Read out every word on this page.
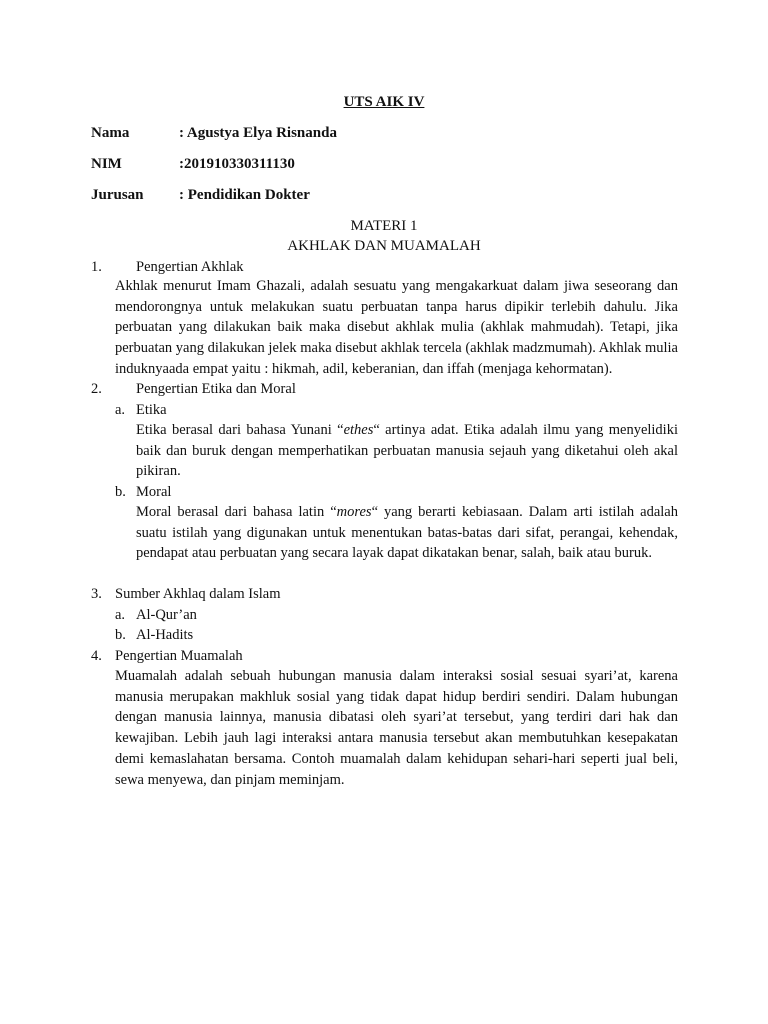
UTS AIK IV
Nama	: Agustya Elya Risnanda
NIM	:201910330311130
Jurusan : Pendidikan Dokter
MATERI 1
AKHLAK DAN MUAMALAH
1. Pengertian Akhlak

Akhlak menurut Imam Ghazali, adalah sesuatu yang mengakarkuat dalam jiwa seseorang dan mendorongnya untuk melakukan suatu perbuatan tanpa harus dipikir terlebih dahulu. Jika perbuatan yang dilakukan baik maka disebut akhlak mulia (akhlak mahmudah). Tetapi, jika perbuatan yang dilakukan jelek maka disebut akhlak tercela (akhlak madzmumah). Akhlak mulia induknyaada empat yaitu : hikmah, adil, keberanian, dan iffah (menjaga kehormatan).

2. Pengertian Etika dan Moral
a. Etika

Etika berasal dari bahasa Yunani “ethes“ artinya adat. Etika adalah ilmu yang menyelidiki baik dan buruk dengan memperhatikan perbuatan manusia sejauh yang diketahui oleh akal pikiran.

b. Moral

Moral berasal dari bahasa latin “mores“ yang berarti kebiasaan. Dalam arti istilah adalah suatu istilah yang digunakan untuk menentukan batas-batas dari sifat, perangai, kehendak, pendapat atau perbuatan yang secara layak dapat dikatakan benar, salah, baik atau buruk.

3. Sumber Akhlaq dalam Islam
a. Al-Qur’an
b. Al-Hadits
4. Pengertian Muamalah

Muamalah adalah sebuah hubungan manusia dalam interaksi sosial sesuai syari’at, karena manusia merupakan makhluk sosial yang tidak dapat hidup berdiri sendiri. Dalam hubungan dengan manusia lainnya, manusia dibatasi oleh syari’at tersebut, yang terdiri dari hak dan kewajiban. Lebih jauh lagi interaksi antara manusia tersebut akan membutuhkan kesepakatan demi kemaslahatan bersama. Contoh muamalah dalam kehidupan sehari-hari seperti jual beli, sewa menyewa, dan pinjam meminjam.
